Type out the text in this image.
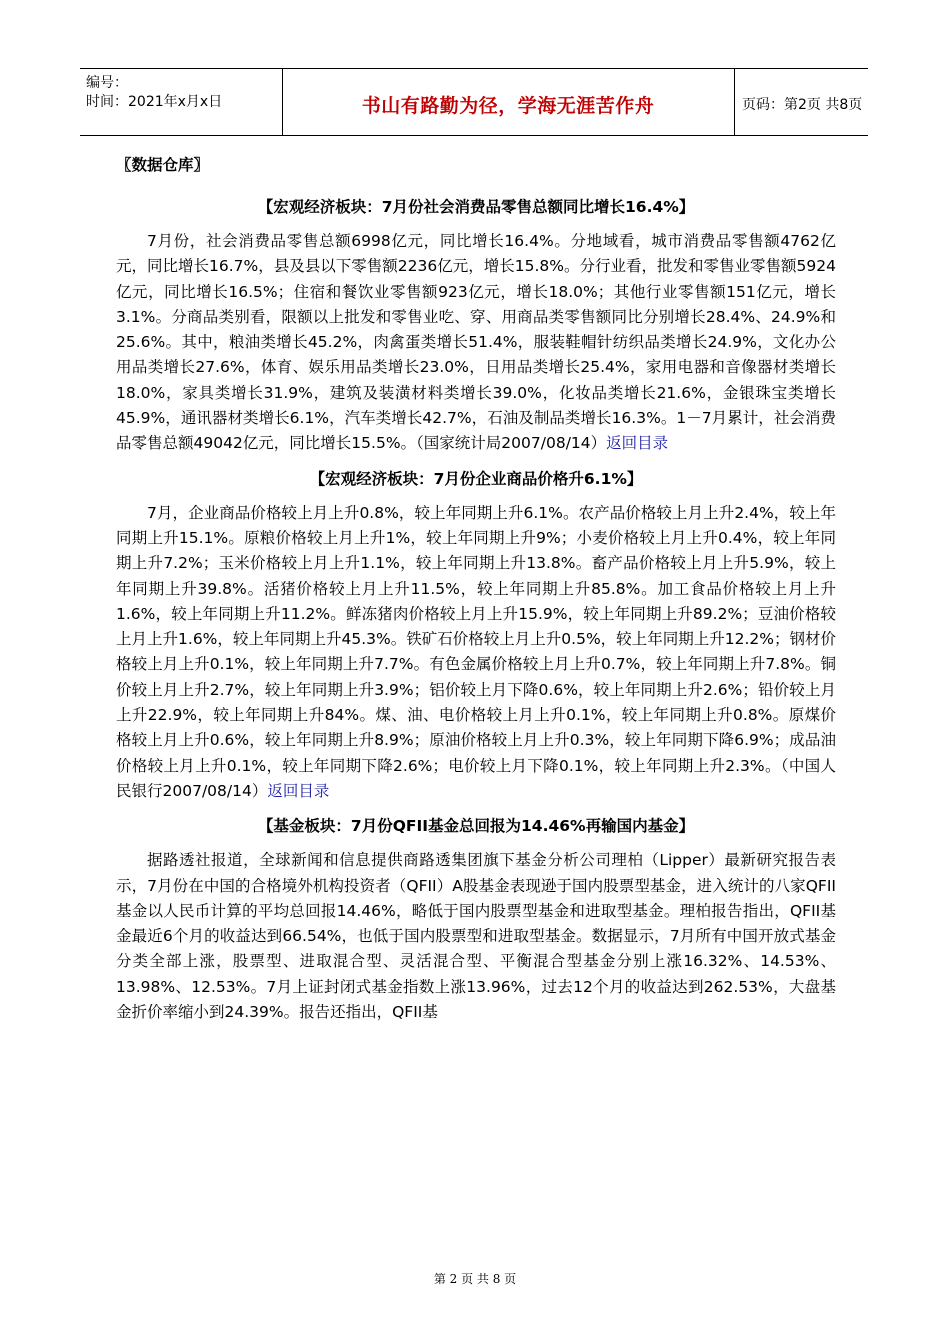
编号：
时间：2021年x月x日	书山有路勤为径，学海无涯苦作舟	页码：第2页 共8页
〖数据仓库〗
【宏观经济板块：7月份社会消费品零售总额同比增长16.4%】

7月份，社会消费品零售总额6998亿元，同比增长16.4%。分地域看，城市消费品零售额4762亿元，同比增长16.7%，县及县以下零售额2236亿元，增长15.8%。分行业看，批发和零售业零售额5924亿元，同比增长16.5%；住宿和餐饮业零售额923亿元，增长18.0%；其他行业零售额151亿元，增长3.1%。分商品类别看，限额以上批发和零售业吃、穿、用商品类零售额同比分别增长28.4%、24.9%和25.6%。其中，粮油类增长45.2%，肉禽蛋类增长51.4%，服装鞋帽针纺织品类增长24.9%，文化办公用品类增长27.6%，体育、娱乐用品类增长23.0%，日用品类增长25.4%，家用电器和音像器材类增长18.0%，家具类增长31.9%，建筑及装潢材料类增长39.0%，化妆品类增长21.6%，金银珠宝类增长45.9%，通讯器材类增长6.1%，汽车类增长42.7%，石油及制品类增长16.3%。1－7月累计，社会消费品零售总额49042亿元，同比增长15.5%。（国家统计局2007/08/14）返回目录

【宏观经济板块：7月份企业商品价格升6.1%】

7月，企业商品价格较上月上升0.8%，较上年同期上升6.1%。农产品价格较上月上升2.4%，较上年同期上升15.1%。原粮价格较上月上升1%，较上年同期上升9%；小麦价格较上月上升0.4%，较上年同期上升7.2%；玉米价格较上月上升1.1%，较上年同期上升13.8%。畜产品价格较上月上升5.9%，较上年同期上升39.8%。活猪价格较上月上升11.5%，较上年同期上升85.8%。加工食品价格较上月上升1.6%，较上年同期上升11.2%。鲜冻猪肉价格较上月上升15.9%，较上年同期上升89.2%；豆油价格较上月上升1.6%，较上年同期上升45.3%。铁矿石价格较上月上升0.5%，较上年同期上升12.2%；钢材价格较上月上升0.1%，较上年同期上升7.7%。有色金属价格较上月上升0.7%，较上年同期上升7.8%。铜价较上月上升2.7%，较上年同期上升3.9%；铝价较上月下降0.6%，较上年同期上升2.6%；铅价较上月上升22.9%，较上年同期上升84%。煤、油、电价格较上月上升0.1%，较上年同期上升0.8%。原煤价格较上月上升0.6%，较上年同期上升8.9%；原油价格较上月上升0.3%，较上年同期下降6.9%；成品油价格较上月上升0.1%，较上年同期下降2.6%；电价较上月下降0.1%，较上年同期上升2.3%。（中国人民银行2007/08/14）返回目录

【基金板块：7月份QFII基金总回报为14.46%再输国内基金】

据路透社报道，全球新闻和信息提供商路透集团旗下基金分析公司理柏（Lipper）最新研究报告表示，7月份在中国的合格境外机构投资者（QFII）A股基金表现逊于国内股票型基金，进入统计的八家QFII基金以人民币计算的平均总回报14.46%，略低于国内股票型基金和进取型基金。理柏报告指出，QFII基金最近6个月的收益达到66.54%，也低于国内股票型和进取型基金。数据显示，7月所有中国开放式基金分类全部上涨，股票型、进取混合型、灵活混合型、平衡混合型基金分别上涨16.32%、14.53%、13.98%、12.53%。7月上证封闭式基金指数上涨13.96%，过去12个月的收益达到262.53%，大盘基金折价率缩小到24.39%。报告还指出，QFII基

第 2 页 共 8 页
